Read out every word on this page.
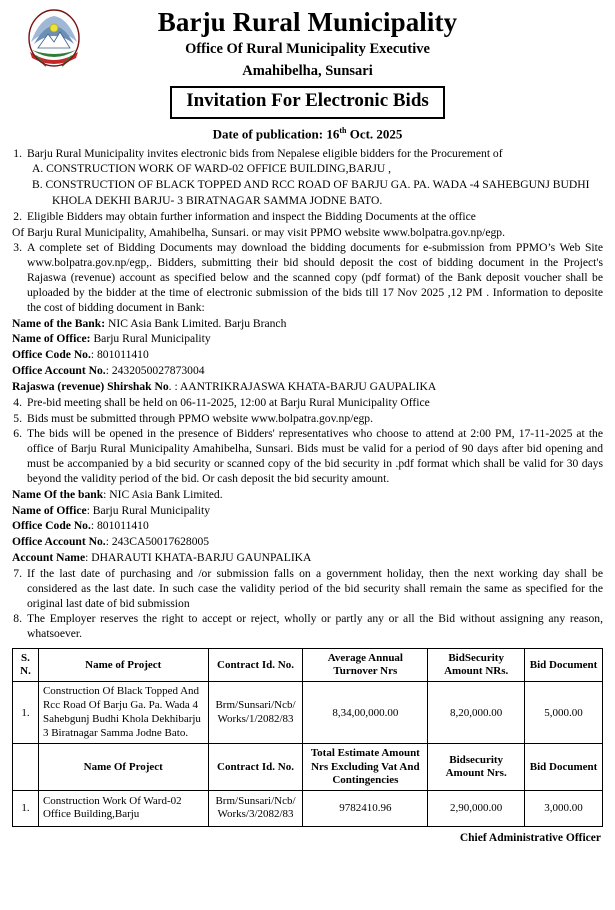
Barju Rural Municipality
Office Of Rural Municipality Executive
Amahibelha, Sunsari
Invitation For Electronic Bids
Date of publication: 16th Oct. 2025
1. Barju Rural Municipality invites electronic bids from Nepalese eligible bidders for the Procurement of
A. CONSTRUCTION WORK OF WARD-02 OFFICE BUILDING,BARJU ,
B. CONSTRUCTION OF BLACK TOPPED AND RCC ROAD OF BARJU GA. PA. WADA -4 SAHEBGUNJ BUDHI
KHOLA DEKHI BARJU- 3 BIRATNAGAR SAMMA JODNE BATO.
2. Eligible Bidders may obtain further information and inspect the Bidding Documents at the office
Of Barju Rural Municipality, Amahibelha, Sunsari. or may visit PPMO website www.bolpatra.gov.np/egp.
3. A complete set of Bidding Documents may download the bidding documents for e-submission from PPMO’s Web Site www.bolpatra.gov.np/egp,. Bidders, submitting their bid should deposit the cost of bidding document in the Project's Rajaswa (revenue) account as specified below and the scanned copy (pdf format) of the Bank deposit voucher shall be uploaded by the bidder at the time of electronic submission of the bids till 17 Nov 2025 ,12 PM . Information to deposite the cost of bidding document in Bank:
Name of the Bank: NIC Asia Bank Limited. Barju Branch
Name of Office: Barju Rural Municipality
Office Code No.: 801011410
Office Account No.: 2432050027873004
Rajaswa (revenue) Shirshak No. : AANTRIKRAJASWA KHATA-BARJU GAUPALIKA
4. Pre-bid meeting shall be held on 06-11-2025, 12:00 at Barju Rural Municipality Office
5. Bids must be submitted through PPMO website www.bolpatra.gov.np/egp.
6. The bids will be opened in the presence of Bidders' representatives who choose to attend at 2:00 PM, 17-11-2025 at the office of Barju Rural Municipality Amahibelha, Sunsari. Bids must be valid for a period of 90 days after bid opening and must be accompanied by a bid security or scanned copy of the bid security in .pdf format which shall be valid for 30 days beyond the validity period of the bid. Or cash deposit the bid security amount.
Name Of the bank: NIC Asia Bank Limited.
Name of Office: Barju Rural Municipality
Office Code No.: 801011410
Office Account No.: 243CA50017628005
Account Name: DHARAUTI KHATA-BARJU GAUNPALIKA
7. If the last date of purchasing and /or submission falls on a government holiday, then the next working day shall be considered as the last date. In such case the validity period of the bid security shall remain the same as specified for the original last date of bid submission
8. The Employer reserves the right to accept or reject, wholly or partly any or all the Bid without assigning any reason, whatsoever.
S. N.	Name of Project	Contract Id. No.	Average Annual Turnover Nrs	BidSecurity Amount NRs.	Bid Document
1.	Construction Of Black Topped And Rcc Road Of Barju Ga. Pa. Wada 4 Sahebgunj Budhi Khola Dekhibarju 3 Biratnagar Samma Jodne Bato.	Brm/Sunsari/Ncb/ Works/1/2082/83	8,34,00,000.00	8,20,000.00	5,000.00
	Name Of Project	Contract Id. No.	Total Estimate Amount Nrs Excluding Vat And Contingencies	Bidsecurity Amount Nrs.	Bid Document
1.	Construction Work Of Ward-02 Office Building,Barju	Brm/Sunsari/Ncb/ Works/3/2082/83	9782410.96	2,90,000.00	3,000.00
Chief Administrative Officer
